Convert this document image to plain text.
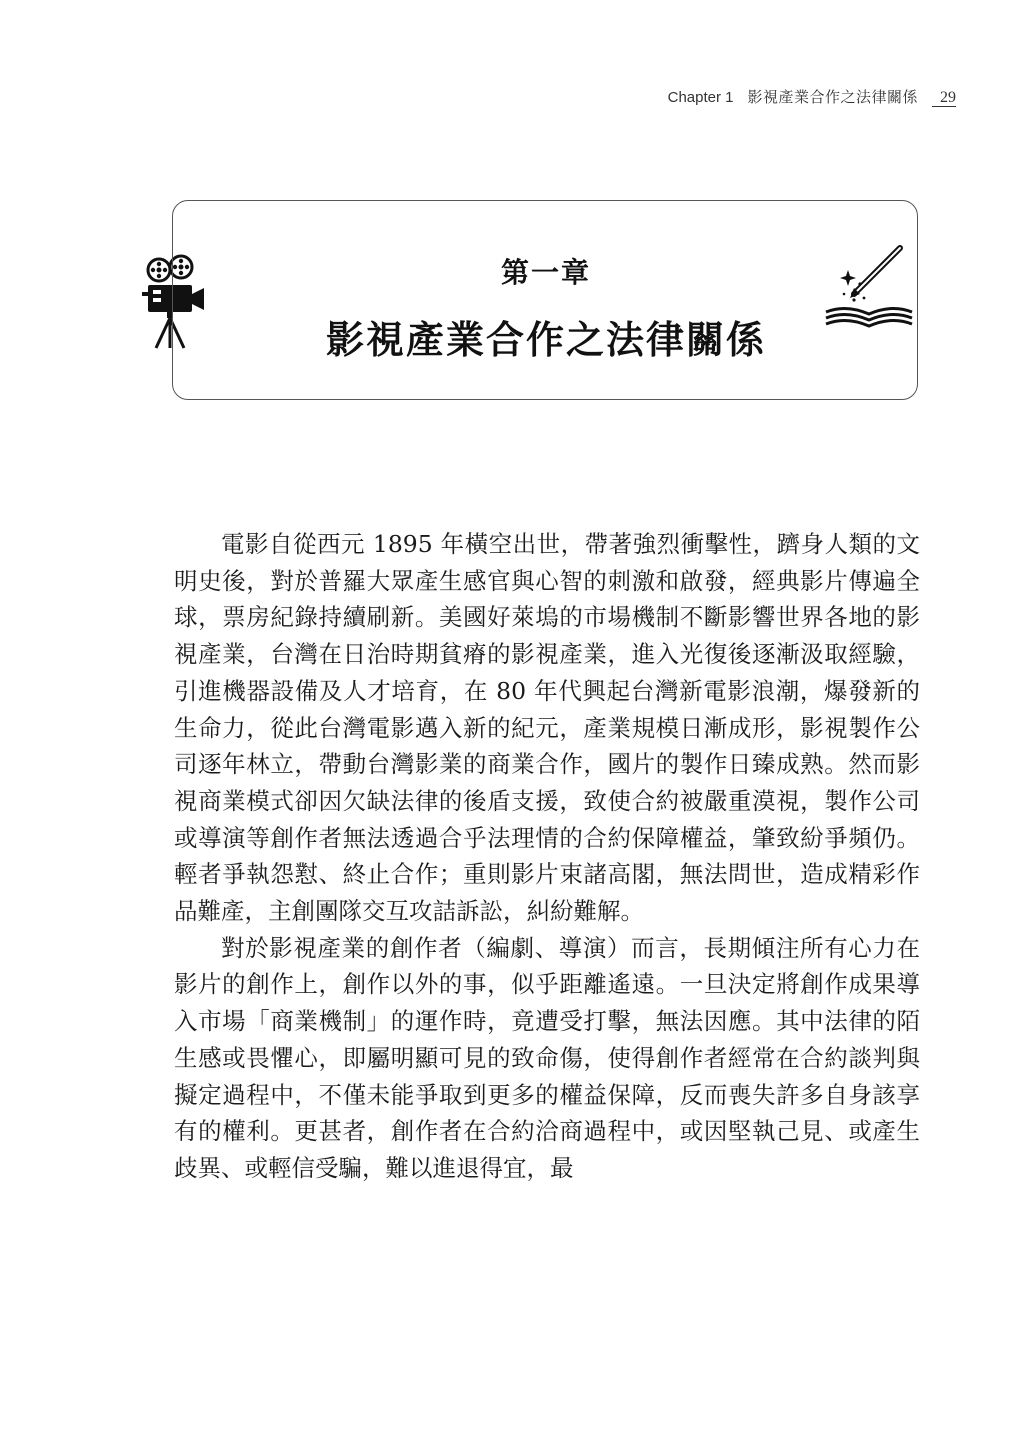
Chapter 1 影視產業合作之法律關係	29
第一章
影視產業合作之法律關係

電影自從西元 1895 年橫空出世，帶著強烈衝擊性，躋身人類的文明史後，對於普羅大眾產生感官與心智的刺激和啟發，經典影片傳遍全球，票房紀錄持續刷新。美國好萊塢的市場機制不斷影響世界各地的影視產業，台灣在日治時期貧瘠的影視產業，進入光復後逐漸汲取經驗，引進機器設備及人才培育，在 80 年代興起台灣新電影浪潮，爆發新的生命力，從此台灣電影邁入新的紀元，產業規模日漸成形，影視製作公司逐年林立，帶動台灣影業的商業合作，國片的製作日臻成熟。然而影視商業模式卻因欠缺法律的後盾支援，致使合約被嚴重漠視，製作公司或導演等創作者無法透過合乎法理情的合約保障權益，肇致紛爭頻仍。輕者爭執怨懟、終止合作；重則影片束諸高閣，無法問世，造成精彩作品難產，主創團隊交互攻詰訴訟，糾紛難解。

對於影視產業的創作者（編劇、導演）而言，長期傾注所有心力在影片的創作上，創作以外的事，似乎距離遙遠。一旦決定將創作成果導入市場「商業機制」的運作時，竟遭受打擊，無法因應。其中法律的陌生感或畏懼心，即屬明顯可見的致命傷，使得創作者經常在合約談判與擬定過程中，不僅未能爭取到更多的權益保障，反而喪失許多自身該享有的權利。更甚者，創作者在合約洽商過程中，或因堅執己見、或產生歧異、或輕信受騙，難以進退得宜，最
